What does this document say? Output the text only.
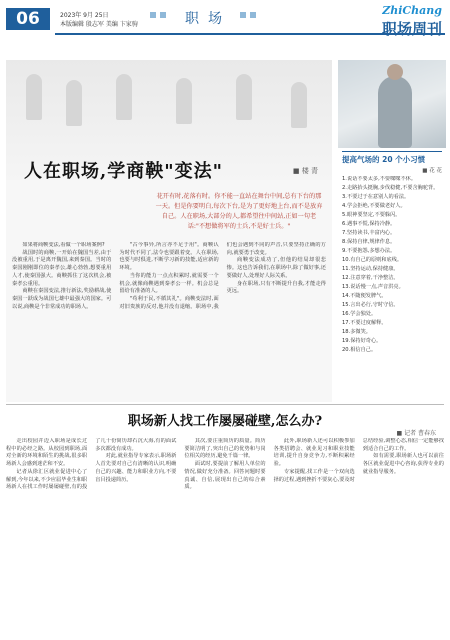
06	2023年 9月 25日
本版编辑 殷志军 美编 卞家驹	职场
ZhiChang
职场周刊
人在职场,学商鞅"变法"	■ 楼 青
花开有时,花落有时。你不能一直站在舞台中间,总有下台的那一天。但是你要明白,每次下台,是为了更好地上台,而不是放弃自己。人在职场,大部分的人,都希望往中间站,正如一句老话:"不想做将军的士兵,不是好士兵。"

如果将商鞅变法,看做一个职场案例?

战国时的商鞅,一开始在魏国当差,由于没被重用,于是离开魏国,来到秦国。当时的秦国刚刚即位的秦孝公,雄心勃勃,想要重用人才,使秦国强大。商鞅抓住了这次机会,被秦孝公重用。

商鞅在秦国变法,推行新法,奖励耕战,使秦国一跃成为战国七雄中最强大的国家。可以说,商鞅是个非常成功的职场人。

"古今事异,所言亦不足于用"。商鞅认为时代不同了,法令也要跟着变。人在职场,也要与时俱进,不断学习新的技能,适应新的环境。

当你的能力一点点积累时,就需要一个机会,就像商鞅遇到秦孝公一样。机会总是留给有准备的人。

"苟利于民,不循其礼"。商鞅变法时,面对旧贵族的反对,他并没有退缩。职场中,我们也会遇到不同的声音,只要坚持正确的方向,就要勇于改变。

商鞅变法成功了,但他的结局却很悲惨。这也告诉我们,在职场中,除了做好事,还要做好人,处理好人际关系。

身在职场,只有不断提升自我,才能走得更远。

提高气场的 20 个小习惯
■ 花 花

1.说话不要太多,不要喋喋不休。

2.走路抬头挺胸,步伐稳健,不要含胸驼背。

3.不要过于在意别人的看法。

4.学会拒绝,不要做老好人。

5.眼神要坚定,不要躲闪。

6.遇事不慌,保持冷静。

7.坚持读书,丰富内心。

8.保持自律,规律作息。

9.不要抱怨,多想办法。

10.有自己的原则和底线。

11.坚持运动,保持健康。

12.注意穿着,干净整洁。

13.说话慢一点,声音洪亮。

14.不随便发脾气。

15.言出必行,守时守信。

16.学会独处。

17.不要过度解释。

18.多微笑。

19.保持好奇心。

20.相信自己。

职场新人找工作屡屡碰壁,怎么办?
■ 记者 曹春东

走出校园并迈入职场是成长过程中的必经之路。从校园到职场,面对全新的环境和陌生的挑战,很多职场新人会感到迷茫和不安。

记者从徐汇区就业促进中心了解到,今年以来,不少应届毕业生和职场新人在找工作时屡屡碰壁,有的投了几十份简历却石沉大海,有的面试多次都没有成功。

对此,就业指导专家表示,职场新人首先要对自己有清晰的认识,明确自己的兴趣、能力和职业方向,不要盲目投递简历。

其次,要注重简历的质量。简历要简洁明了,突出自己的优势和与岗位相关的经历,避免千篇一律。

面试时,要提前了解用人单位的情况,做好充分准备。回答问题时要真诚、自信,展现出自己的综合素质。

此外,职场新人还可以积极参加各类招聘会、就业见习和职业技能培训,提升自身竞争力,不断积累经验。

专家提醒,找工作是一个双向选择的过程,遇到挫折不要灰心,要及时总结经验,调整心态,相信一定能够找到适合自己的工作。

如有需要,职场新人也可以前往各区就业促进中心咨询,获得专业的就业指导服务。
